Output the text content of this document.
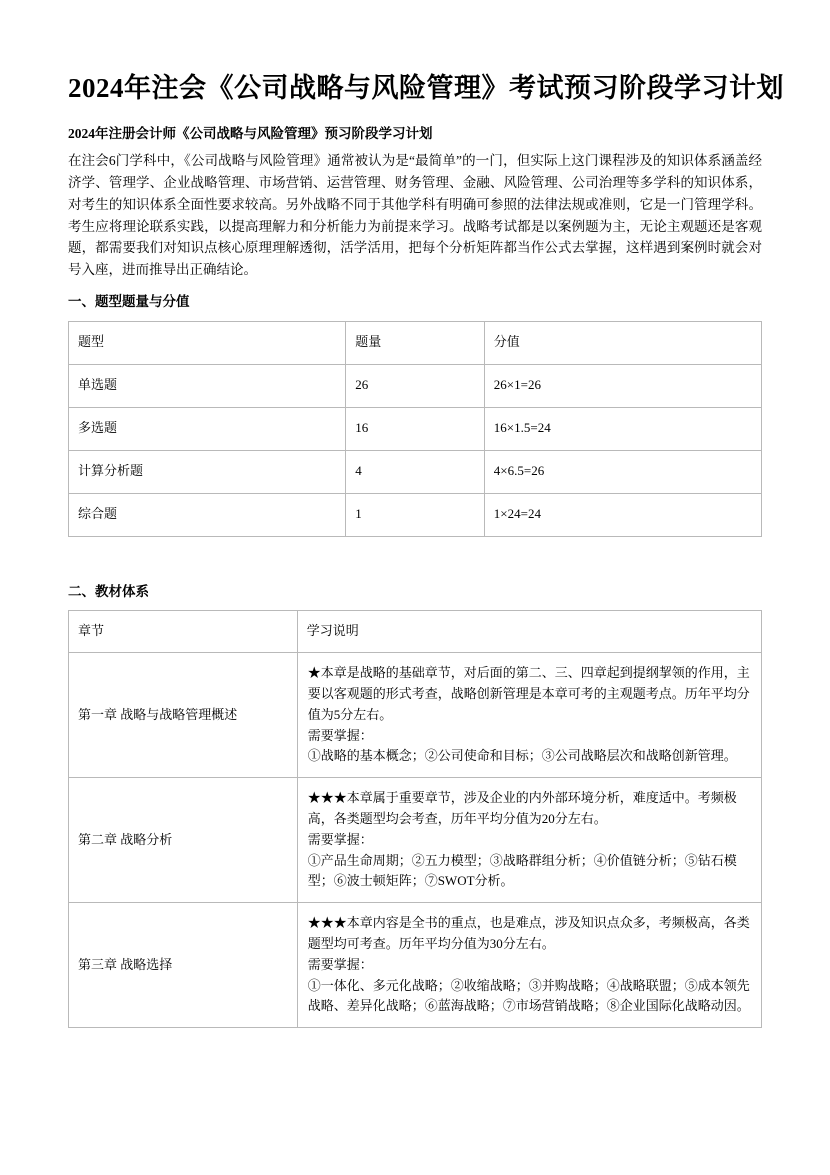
2024年注会《公司战略与风险管理》考试预习阶段学习计划

2024年注册会计师《公司战略与风险管理》预习阶段学习计划

在注会6门学科中，《公司战略与风险管理》通常被认为是“最简单”的一门，但实际上这门课程涉及的知识体系涵盖经济学、管理学、企业战略管理、市场营销、运营管理、财务管理、金融、风险管理、公司治理等多学科的知识体系，对考生的知识体系全面性要求较高。另外战略不同于其他学科有明确可参照的法律法规或准则，它是一门管理学科。考生应将理论联系实践，以提高理解力和分析能力为前提来学习。战略考试都是以案例题为主，无论主观题还是客观题，都需要我们对知识点核心原理理解透彻，活学活用，把每个分析矩阵都当作公式去掌握，这样遇到案例时就会对号入座，进而推导出正确结论。

一、题型题量与分值

题型	题量	分值
单选题	26	26×1=26
多选题	16	16×1.5=24
计算分析题	4	4×6.5=26
综合题	1	1×24=24

二、教材体系

章节	学习说明
第一章 战略与战略管理概述	★本章是战略的基础章节，对后面的第二、三、四章起到提纲挈领的作用，主要以客观题的形式考查，战略创新管理是本章可考的主观题考点。历年平均分值为5分左右。
需要掌握：
①战略的基本概念；②公司使命和目标；③公司战略层次和战略创新管理。

第二章 战略分析	★★★本章属于重要章节，涉及企业的内外部环境分析，难度适中。考频极高，各类题型均会考查，历年平均分值为20分左右。
需要掌握：
①产品生命周期；②五力模型；③战略群组分析；④价值链分析；⑤钻石模型；⑥波士顿矩阵；⑦SWOT分析。

第三章 战略选择	★★★本章内容是全书的重点，也是难点，涉及知识点众多，考频极高，各类题型均可考查。历年平均分值为30分左右。
需要掌握：
①一体化、多元化战略；②收缩战略；③并购战略；④战略联盟；⑤成本领先战略、差异化战略；⑥蓝海战略；⑦市场营销战略；⑧企业国际化战略动因。
